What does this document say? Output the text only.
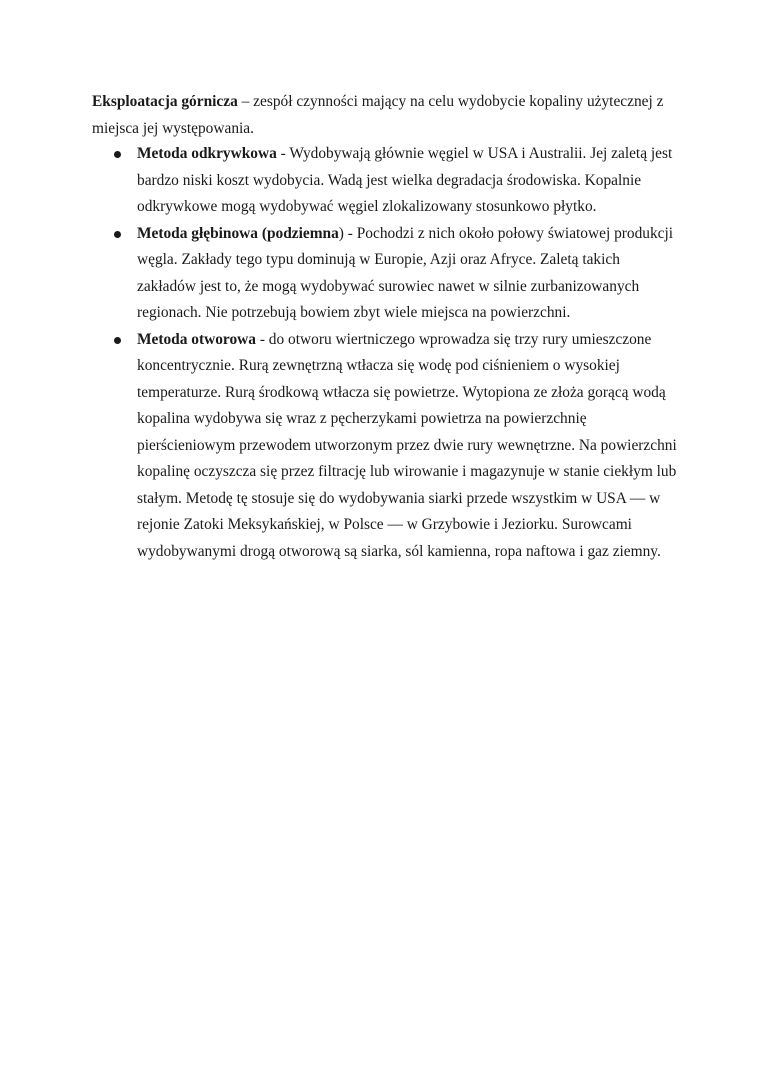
Eksploatacja górnicza – zespół czynności mający na celu wydobycie kopaliny użytecznej z miejsca jej występowania.

Metoda odkrywkowa - Wydobywają głównie węgiel w USA i Australii. Jej zaletą jest bardzo niski koszt wydobycia. Wadą jest wielka degradacja środowiska. Kopalnie odkrywkowe mogą wydobywać węgiel zlokalizowany stosunkowo płytko.
Metoda głębinowa (podziemna) - Pochodzi z nich około połowy światowej produkcji węgla. Zakłady tego typu dominują w Europie, Azji oraz Afryce. Zaletą takich zakładów jest to, że mogą wydobywać surowiec nawet w silnie zurbanizowanych regionach. Nie potrzebują bowiem zbyt wiele miejsca na powierzchni.
Metoda otworowa - do otworu wiertniczego wprowadza się trzy rury umieszczone koncentrycznie. Rurą zewnętrzną wtłacza się wodę pod ciśnieniem o wysokiej temperaturze. Rurą środkową wtłacza się powietrze. Wytopiona ze złoża gorącą wodą kopalina wydobywa się wraz z pęcherzykami powietrza na powierzchnię pierścieniowym przewodem utworzonym przez dwie rury wewnętrzne. Na powierzchni kopalinę oczyszcza się przez filtrację lub wirowanie i magazynuje w stanie ciekłym lub stałym. Metodę tę stosuje się do wydobywania siarki przede wszystkim w USA — w rejonie Zatoki Meksykańskiej, w Polsce — w Grzybowie i Jeziorku. Surowcami wydobywanymi drogą otworową są siarka, sól kamienna, ropa naftowa i gaz ziemny.
